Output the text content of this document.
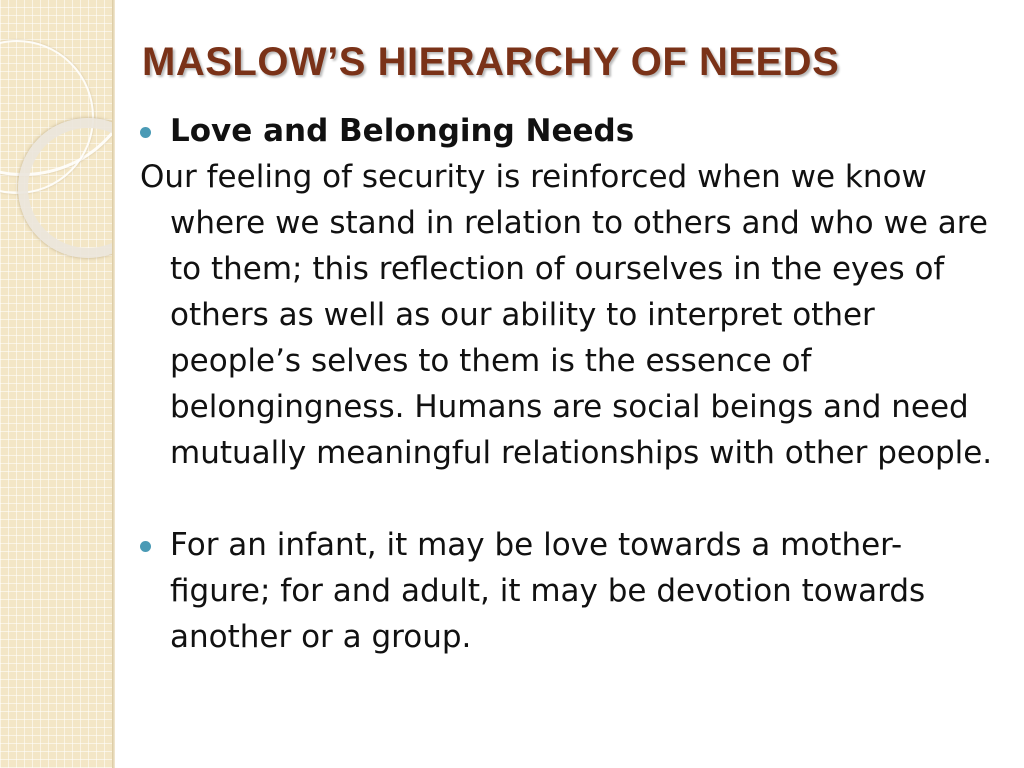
MASLOW’S HIERARCHY OF NEEDS
Love and Belonging Needs
Our feeling of security is reinforced when we know where we stand in relation to others and who we are to them; this reflection of ourselves in the eyes of others as well as our ability to interpret other people’s selves to them is the essence of belongingness. Humans are social beings and need mutually meaningful relationships with other people.
For an infant, it may be love towards a mother-figure; for and adult, it may be devotion towards another or a group.
